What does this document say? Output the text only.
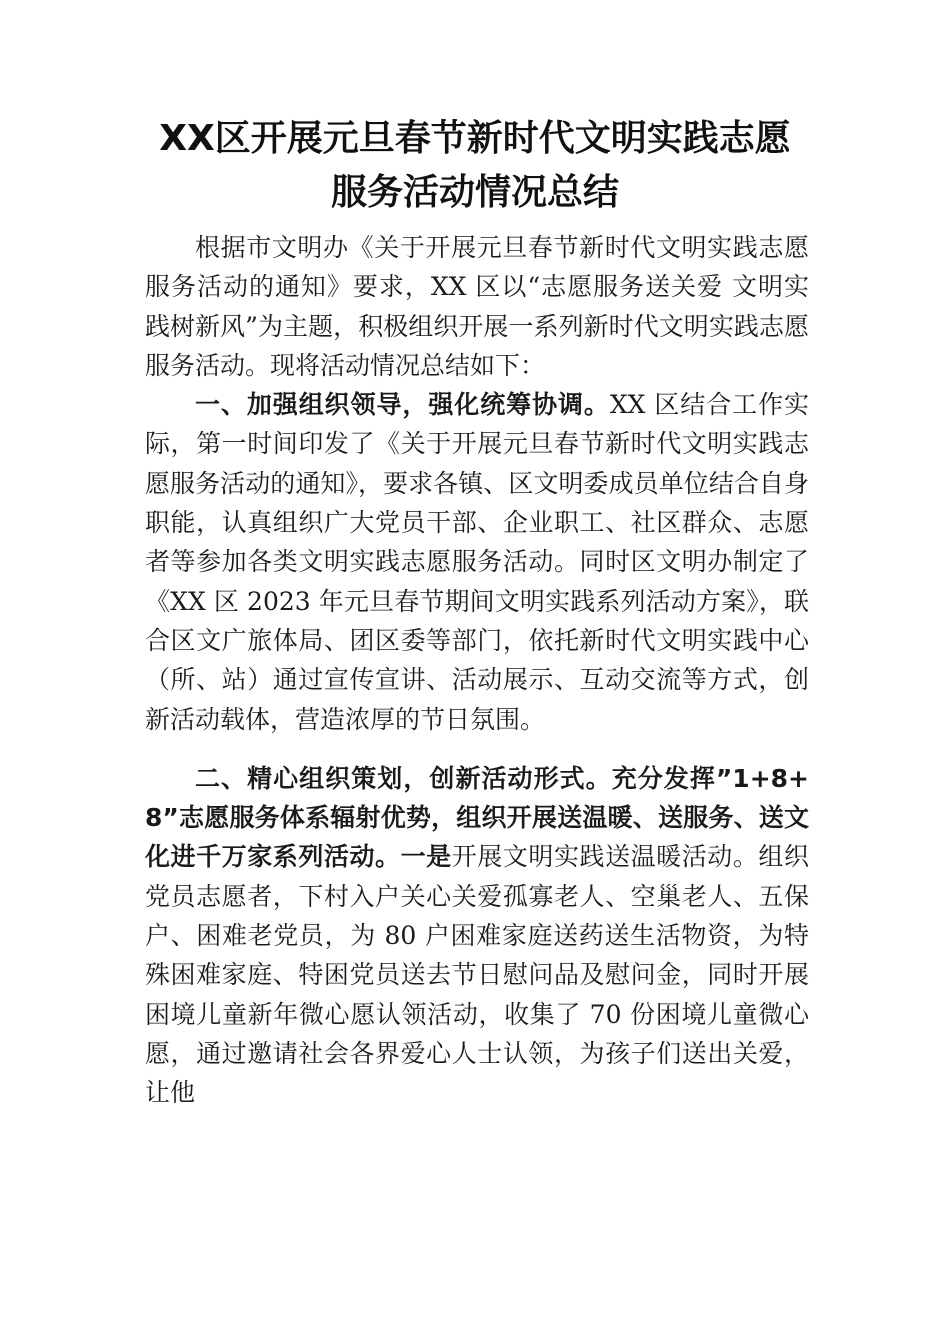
XX区开展元旦春节新时代文明实践志愿服务活动情况总结

根据市文明办《关于开展元旦春节新时代文明实践志愿服务活动的通知》要求，XX 区以“志愿服务送关爱 文明实践树新风”为主题，积极组织开展一系列新时代文明实践志愿服务活动。现将活动情况总结如下：

一、加强组织领导，强化统筹协调。XX 区结合工作实际，第一时间印发了《关于开展元旦春节新时代文明实践志愿服务活动的通知》，要求各镇、区文明委成员单位结合自身职能，认真组织广大党员干部、企业职工、社区群众、志愿者等参加各类文明实践志愿服务活动。同时区文明办制定了《XX 区 2023 年元旦春节期间文明实践系列活动方案》，联合区文广旅体局、团区委等部门，依托新时代文明实践中心（所、站）通过宣传宣讲、活动展示、互动交流等方式，创新活动载体，营造浓厚的节日氛围。

二、精心组织策划，创新活动形式。充分发挥”1+8+8”志愿服务体系辐射优势，组织开展送温暖、送服务、送文化进千万家系列活动。一是开展文明实践送温暖活动。组织党员志愿者，下村入户关心关爱孤寡老人、空巢老人、五保户、困难老党员，为 80 户困难家庭送药送生活物资，为特殊困难家庭、特困党员送去节日慰问品及慰问金，同时开展困境儿童新年微心愿认领活动，收集了 70 份困境儿童微心愿，通过邀请社会各界爱心人士认领，为孩子们送出关爱，让他
